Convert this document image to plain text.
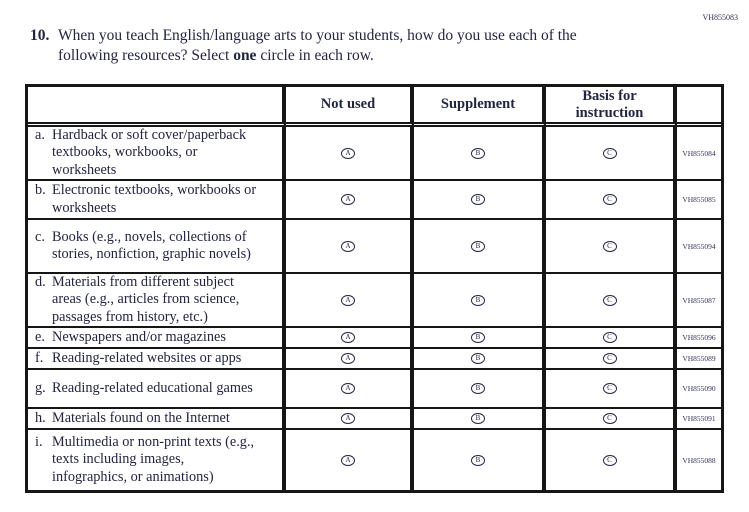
VH855083
10. When you teach English/language arts to your students, how do you use each of the
following resources? Select one circle in each row.
Not used	Supplement
Basis for instruction
a. Hardback or soft cover/paperback textbooks, workbooks, or worksheets
A	B	C	VH855084
b. Electronic textbooks, workbooks or worksheets
A	B	C	VH855085
c. Books (e.g., novels, collections of stories, nonfiction, graphic novels)
A	B	C	VH855094
d. Materials from different subject areas (e.g., articles from science, passages from history, etc.)
A	B	C	VH855087
e. Newspapers and/or magazines	A	B	C	VH855096
f. Reading-related websites or apps	A	B	C	VH855089
g. Reading-related educational games	A	B	C	VH855090
h. Materials found on the Internet	A	B	C	VH855091
i. Multimedia or non-print texts (e.g., texts including images, infographics, or animations)
A	B	C	VH855088
